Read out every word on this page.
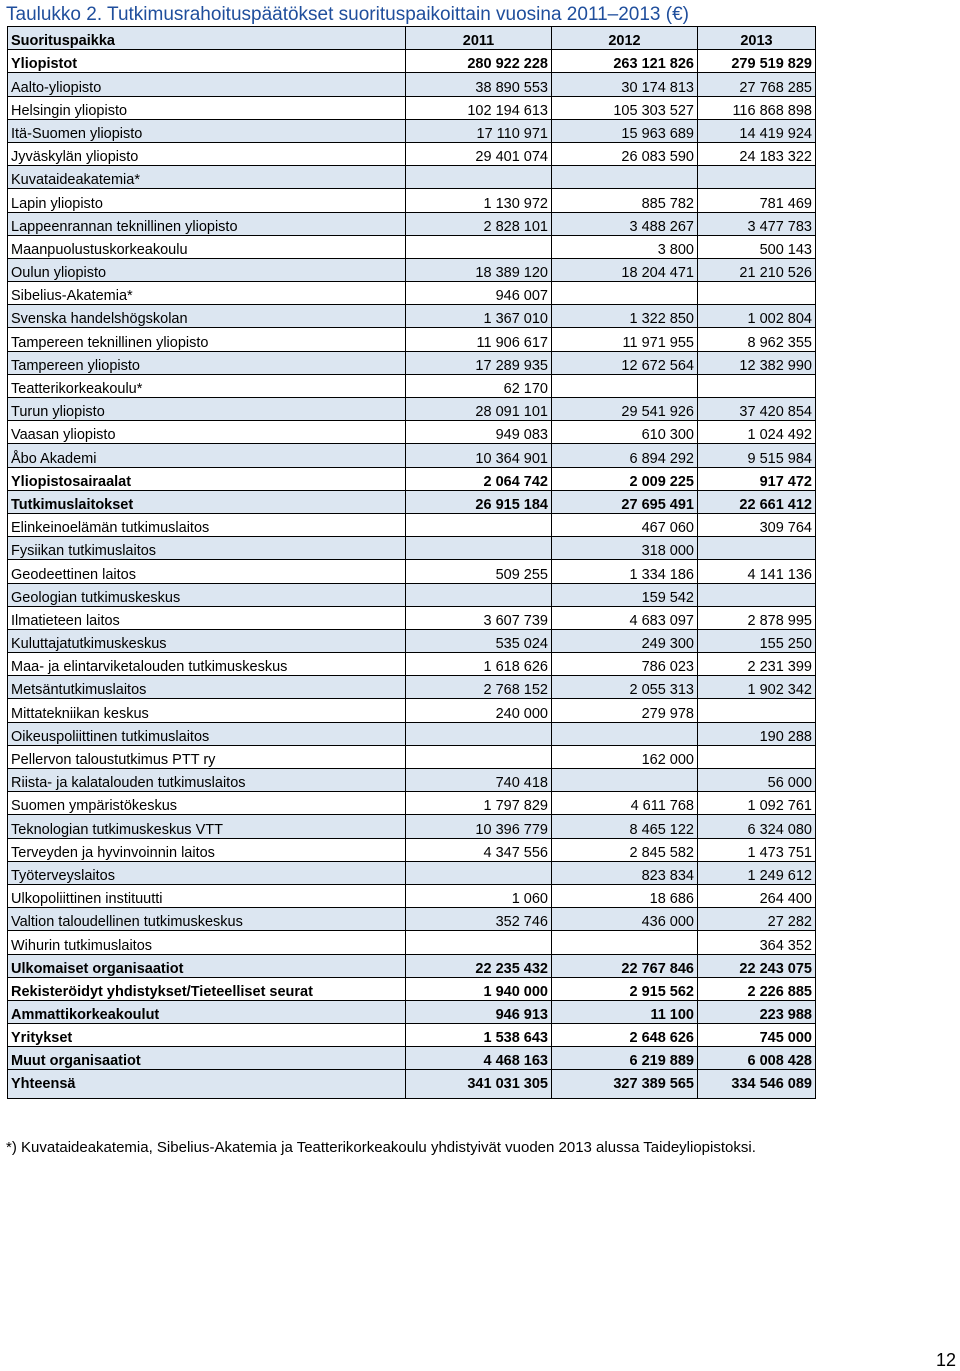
Taulukko 2. Tutkimusrahoituspäätökset suorituspaikoittain vuosina 2011–2013 (€)
Suorituspaikka	2011	2012	2013
Yliopistot	280 922 228	263 121 826	279 519 829
Aalto-yliopisto	38 890 553	30 174 813	27 768 285
Helsingin yliopisto	102 194 613	105 303 527	116 868 898
Itä-Suomen yliopisto	17 110 971	15 963 689	14 419 924
Jyväskylän yliopisto	29 401 074	26 083 590	24 183 322
Kuvataideakatemia*			
Lapin yliopisto	1 130 972	885 782	781 469
Lappeenrannan teknillinen yliopisto	2 828 101	3 488 267	3 477 783
Maanpuolustuskorkeakoulu		3 800	500 143
Oulun yliopisto	18 389 120	18 204 471	21 210 526
Sibelius-Akatemia*	946 007		
Svenska handelshögskolan	1 367 010	1 322 850	1 002 804
Tampereen teknillinen yliopisto	11 906 617	11 971 955	8 962 355
Tampereen yliopisto	17 289 935	12 672 564	12 382 990
Teatterikorkeakoulu*	62 170		
Turun yliopisto	28 091 101	29 541 926	37 420 854
Vaasan yliopisto	949 083	610 300	1 024 492
Åbo Akademi	10 364 901	6 894 292	9 515 984
Yliopistosairaalat	2 064 742	2 009 225	917 472
Tutkimuslaitokset	26 915 184	27 695 491	22 661 412
Elinkeinoelämän tutkimuslaitos		467 060	309 764
Fysiikan tutkimuslaitos		318 000	
Geodeettinen laitos	509 255	1 334 186	4 141 136
Geologian tutkimuskeskus		159 542	
Ilmatieteen laitos	3 607 739	4 683 097	2 878 995
Kuluttajatutkimuskeskus	535 024	249 300	155 250
Maa- ja elintarviketalouden tutkimuskeskus	1 618 626	786 023	2 231 399
Metsäntutkimuslaitos	2 768 152	2 055 313	1 902 342
Mittatekniikan keskus	240 000	279 978	
Oikeuspoliittinen tutkimuslaitos			190 288
Pellervon taloustutkimus PTT ry		162 000	
Riista- ja kalatalouden tutkimuslaitos	740 418		56 000
Suomen ympäristökeskus	1 797 829	4 611 768	1 092 761
Teknologian tutkimuskeskus VTT	10 396 779	8 465 122	6 324 080
Terveyden ja hyvinvoinnin laitos	4 347 556	2 845 582	1 473 751
Työterveyslaitos		823 834	1 249 612
Ulkopoliittinen instituutti	1 060	18 686	264 400
Valtion taloudellinen tutkimuskeskus	352 746	436 000	27 282
Wihurin tutkimuslaitos			364 352
Ulkomaiset organisaatiot	22 235 432	22 767 846	22 243 075
Rekisteröidyt yhdistykset/Tieteelliset seurat	1 940 000	2 915 562	2 226 885
Ammattikorkeakoulut	946 913	11 100	223 988
Yritykset	1 538 643	2 648 626	745 000
Muut organisaatiot	4 468 163	6 219 889	6 008 428
Yhteensä	341 031 305	327 389 565	334 546 089
*) Kuvataideakatemia, Sibelius-Akatemia ja Teatterikorkeakoulu yhdistyivät vuoden 2013 alussa Taideyliopistoksi.
12
